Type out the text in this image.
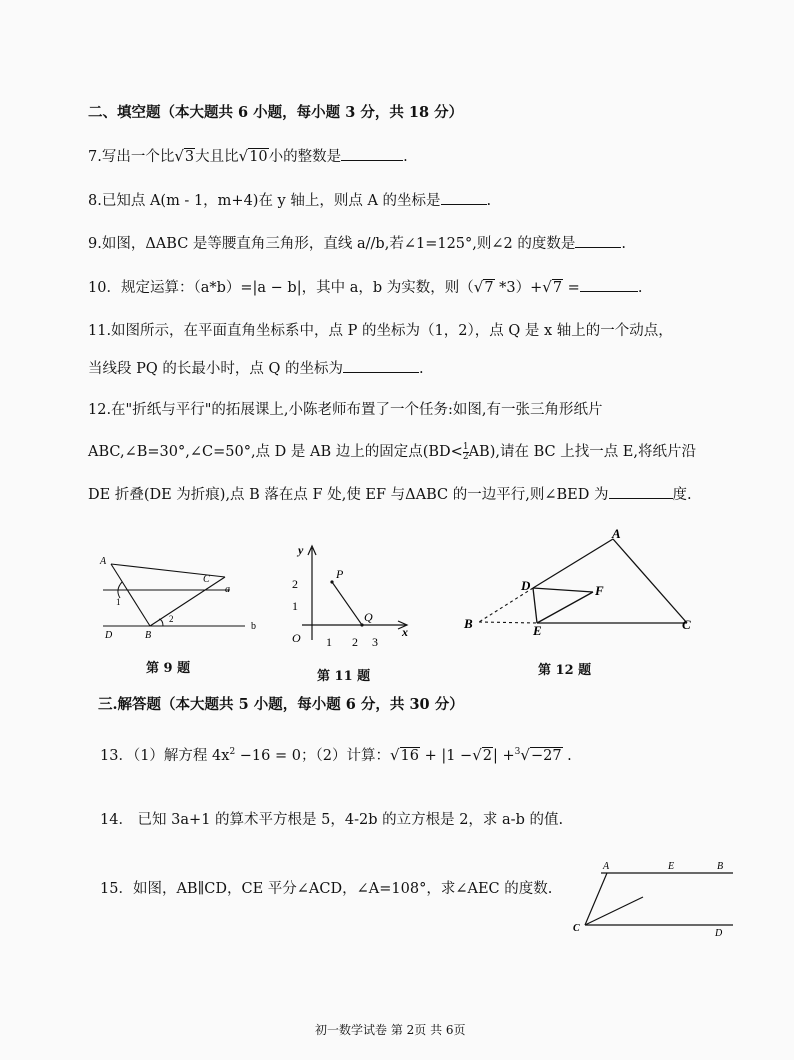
二、填空题（本大题共 6 小题，每小题 3 分，共 18 分）
7.写出一个比√3大且比√10小的整数是	.
8.已知点 A(m - 1，m+4)在 y 轴上，则点 A 的坐标是	.
9.如图，ΔABC 是等腰直角三角形，直线 a//b,若∠1=125°,则∠2 的度数是	.
10．规定运算：（a*b）=|a − b|，其中 a，b 为实数，则（√7 *3）+√7 =	.
11.如图所示，在平面直角坐标系中，点 P 的坐标为（1，2），点 Q 是 x 轴上的一个动点，
当线段 PQ 的长最小时，点 Q 的坐标为	.
12.在"折纸与平行"的拓展课上,小陈老师布置了一个任务:如图,有一张三角形纸片
ABC,∠B=30°,∠C=50°,点 D 是 AB 边上的固定点$(BD< \frac{1}{2} AB)$,请在 BC 上找一点 E,将纸片沿
DE 折叠(DE 为折痕),点 B 落在点 F 处,使 EF 与ΔABC 的一边平行,则∠BED 为	度.
A
C
a
b
D	B
1
2
第 9 题
y
x
O
P
Q
2
1
1 2 3
第 11 题
A
D	F
B	E	C
第 12 题
三.解答题（本大题共 5 小题，每小题 6 分，共 30 分）
13．（1）解方程 $4x^2 -16 = 0$；（2）计算：√16 + |1 −√2| +$^3$√−27 .
14． 已知 3a+1 的算术平方根是 5，4-2b 的立方根是 2，求 a-b 的值.
15．如图，AB∥CD，CE 平分∠ACD，∠A=108°，求∠AEC 的度数.
A	E	B
C	D
初一数学试卷 第 2页 共 6页
